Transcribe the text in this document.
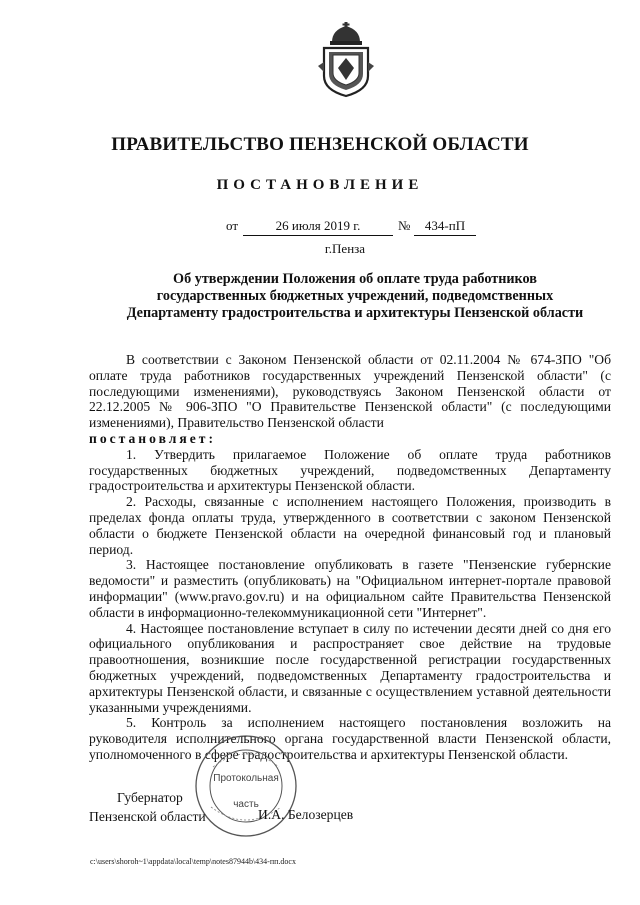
ПРАВИТЕЛЬСТВО ПЕНЗЕНСКОЙ ОБЛАСТИ
ПОСТАНОВЛЕНИЕ
от	26 июля 2019 г.	№	434-пП
г.Пенза
Об утверждении Положения об оплате труда работников
государственных бюджетных учреждений, подведомственных
Департаменту градостроительства и архитектуры Пензенской области

В соответствии с Законом Пензенской области от 02.11.2004 № 674-ЗПО "Об оплате труда работников государственных учреждений Пензенской области" (с последующими изменениями), руководствуясь Законом Пензенской области от 22.12.2005 № 906-ЗПО "О Правительстве Пензенской области" (с последующими изменениями), Правительство Пензенской области

постановляет:

1. Утвердить прилагаемое Положение об оплате труда работников государственных бюджетных учреждений, подведомственных Департаменту градостроительства и архитектуры Пензенской области.

2. Расходы, связанные с исполнением настоящего Положения, производить в пределах фонда оплаты труда, утвержденного в соответствии с законом Пензенской области о бюджете Пензенской области на очередной финансовый год и плановый период.

3. Настоящее постановление опубликовать в газете "Пензенские губернские ведомости" и разместить (опубликовать) на "Официальном интернет-портале правовой информации" (www.pravo.gov.ru) и на официальном сайте Правительства Пензенской области в информационно-телекоммуникационной сети "Интернет".

4. Настоящее постановление вступает в силу по истечении десяти дней со дня его официального опубликования и распространяет свое действие на трудовые правоотношения, возникшие после государственной регистрации государственных бюджетных учреждений, подведомственных Департаменту градостроительства и архитектуры Пензенской области, и связанные с осуществлением уставной деятельности указанными учреждениями.

5. Контроль за исполнением настоящего постановления возложить на руководителя исполнительного органа государственной власти Пензенской области, уполномоченного в сфере градостроительства и архитектуры Пензенской области.

Протокольная
часть
Губернатор
Пензенской области	И.А. Белозерцев
c:\users\shoroh~1\appdata\local\temp\notes87944b\434-пп.docx
